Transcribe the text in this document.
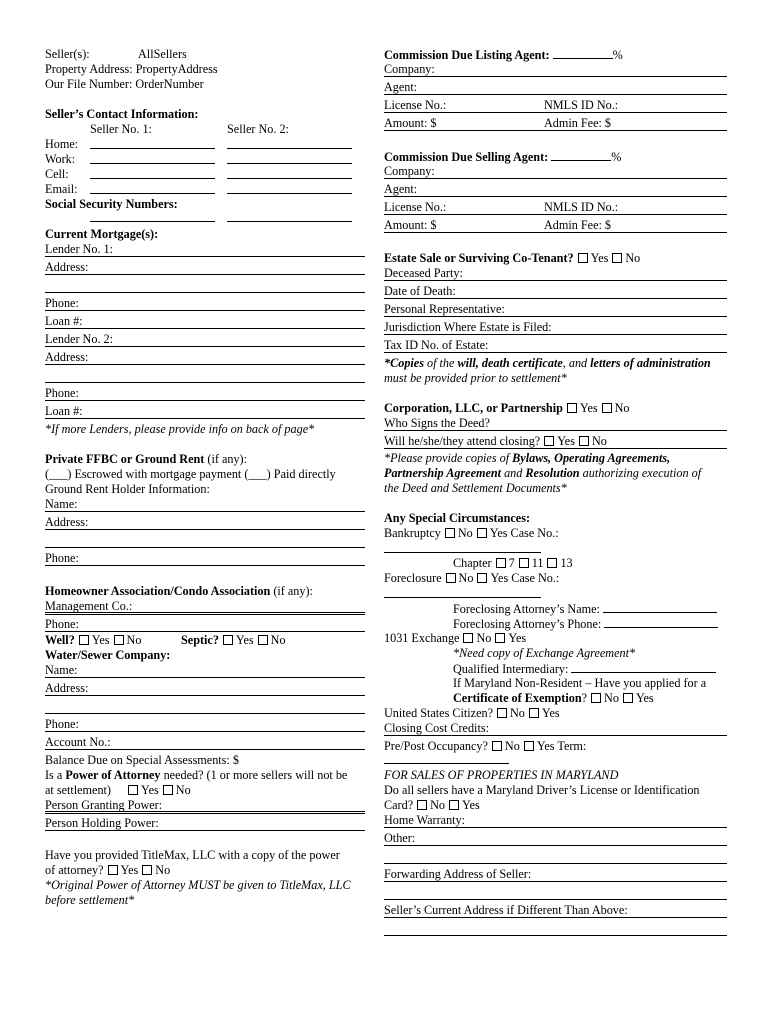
Seller(s):	AllSellers
Property Address: PropertyAddress
Our File Number: OrderNumber
Seller’s Contact Information:
Seller No. 1:	Seller No. 2:
Home:
Work:
Cell:
Email:
Social Security Numbers:
Current Mortgage(s):
Lender No. 1:
Address:
Phone:
Loan #:
Lender No. 2:
Address:
Phone:
Loan #:
*If more Lenders, please provide info on back of page*
Private FFBC or Ground Rent (if any):
(___) Escrowed with mortgage payment (___) Paid directly
Ground Rent Holder Information:
Name:
Address:
Phone:
Homeowner Association/Condo Association (if any):
Management Co.:
Phone:
Well? Yes No	Septic? Yes No
Water/Sewer Company:
Name:
Address:
Phone:
Account No.:
Balance Due on Special Assessments: $
Is a Power of Attorney needed? (1 or more sellers will not be
at settlement) Yes No
Person Granting Power:
Person Holding Power:
Have you provided TitleMax, LLC with a copy of the power
of attorney? Yes No
*Original Power of Attorney MUST be given to TitleMax, LLC
before settlement*
Commission Due Listing Agent:	%
Company:
Agent:
License No.:	NMLS ID No.:
Amount: $	Admin Fee: $
Commission Due Selling Agent:	%
Company:
Agent:
License No.:	NMLS ID No.:
Amount: $	Admin Fee: $
Estate Sale or Surviving Co-Tenant? Yes No
Deceased Party:
Date of Death:
Personal Representative:
Jurisdiction Where Estate is Filed:
Tax ID No. of Estate:
*Copies of the will, death certificate, and letters of administration
must be provided prior to settlement*
Corporation, LLC, or Partnership Yes No
Who Signs the Deed?
Will he/she/they attend closing? Yes No
*Please provide copies of Bylaws, Operating Agreements,
Partnership Agreement and Resolution authorizing execution of
the Deed and Settlement Documents*
Any Special Circumstances:
Bankruptcy No Yes Case No.:
Chapter 7 11 13
Foreclosure No Yes Case No.:
Foreclosing Attorney’s Name:
Foreclosing Attorney’s Phone:
1031 Exchange No Yes
*Need copy of Exchange Agreement*
Qualified Intermediary:
If Maryland Non-Resident – Have you applied for a
Certificate of Exemption? No Yes
United States Citizen? No Yes
Closing Cost Credits:
Pre/Post Occupancy? No Yes Term:
FOR SALES OF PROPERTIES IN MARYLAND
Do all sellers have a Maryland Driver’s License or Identification
Card? No Yes
Home Warranty:
Other:
Forwarding Address of Seller:
Seller’s Current Address if Different Than Above:
